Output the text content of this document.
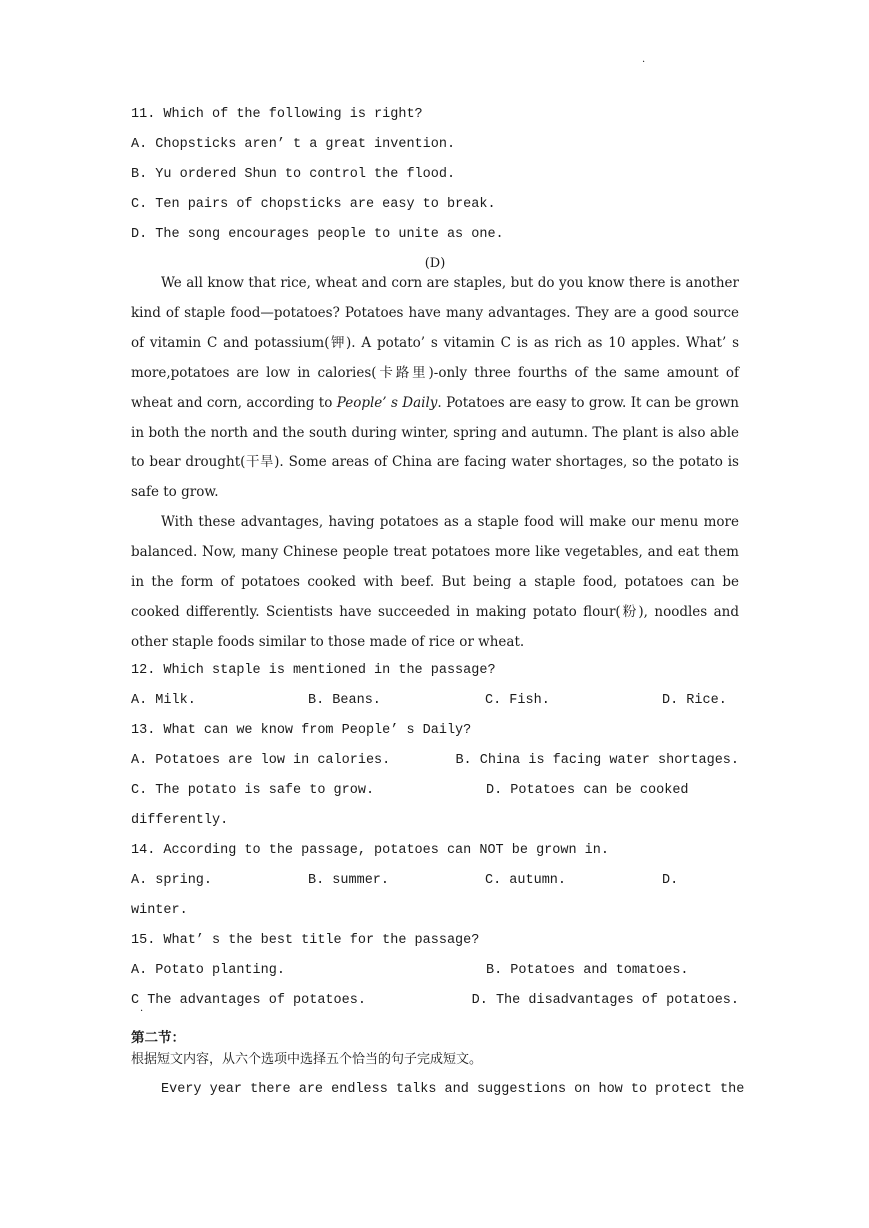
.
11. Which of the following is right?
A. Chopsticks aren’ t a great invention.
B. Yu ordered Shun to control the flood.
C. Ten pairs of chopsticks are easy to break.
D. The song encourages people to unite as one.
(D)
We all know that rice, wheat and corn are staples, but do you know there is another kind of staple food—potatoes? Potatoes have many advantages. They are a good source of vitamin C and potassium(钾). A potato’ s vitamin C is as rich as 10 apples. What’ s more,potatoes are low in calories(卡路里)-only three fourths of the same amount of wheat and corn, according to People’ s Daily. Potatoes are easy to grow. It can be grown in both the north and the south during winter, spring and autumn. The plant is also able to bear drought(干旱). Some areas of China are facing water shortages, so the potato is safe to grow.
With these advantages, having potatoes as a staple food will make our menu more balanced. Now, many Chinese people treat potatoes more like vegetables, and eat them in the form of potatoes cooked with beef. But being a staple food, potatoes can be cooked differently. Scientists have succeeded in making potato flour(粉), noodles and other staple foods similar to those made of rice or wheat.
12. Which staple is mentioned in the passage?
A. Milk.	B. Beans.	C. Fish.	D. Rice.
13. What can we know from People’ s Daily?
A. Potatoes are low in calories.	B. China is facing water shortages.
C. The potato is safe to grow.	D. Potatoes can be cooked
differently.
14. According to the passage, potatoes can NOT be grown in.
A. spring.	B. summer.	C. autumn.	D.
winter.
15. What’ s the best title for the passage?
A. Potato planting.	B. Potatoes and tomatoes.
C The advantages of potatoes.	D. The disadvantages of potatoes.
·
第二节：
根据短文内容，从六个选项中选择五个恰当的句子完成短文。
Every year there are endless talks and suggestions on how to protect the
